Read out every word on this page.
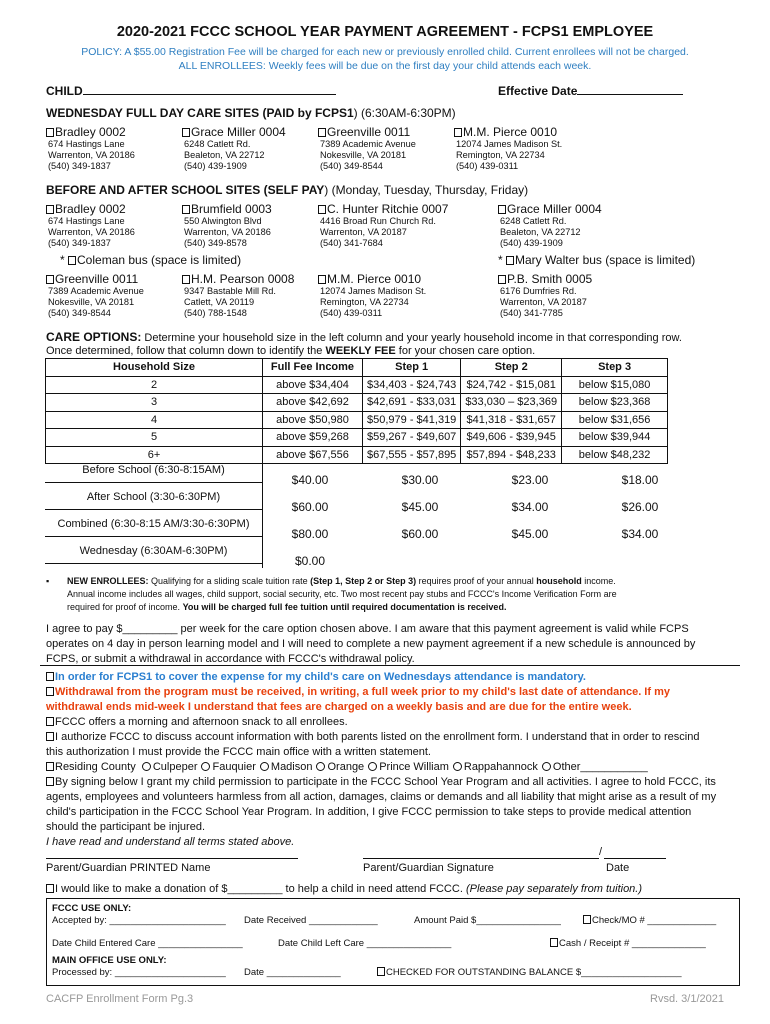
2020-2021 FCCC SCHOOL YEAR PAYMENT AGREEMENT - FCPS1 EMPLOYEE
POLICY: A $55.00 Registration Fee will be charged for each new or previously enrolled child. Current enrollees will not be charged.
ALL ENROLLEES: Weekly fees will be due on the first day your child attends each week.
CHILD	Effective Date
WEDNESDAY FULL DAY CARE SITES (PAID by FCPS1) (6:30AM-6:30PM)
BEFORE AND AFTER SCHOOL SITES (SELF PAY) (Monday, Tuesday, Thursday, Friday)
* Coleman bus (space is limited)	* Mary Walter bus (space is limited)
CARE OPTIONS: Determine your household size in the left column and your yearly household income in that corresponding row.
Once determined, follow that column down to identify the WEEKLY FEE for your chosen care option.
Household Size	Full Fee Income	Step 1	Step 2	Step 3
2	above $34,404	$34,403 - $24,743	$24,742 - $15,081	below $15,080
3	above $42,692	$42,691 - $33,031	$33,030 – $23,369	below $23,368
4	above $50,980	$50,979 - $41,319	$41,318 - $31,657	below $31,656
5	above $59,268	$59,267 - $49,607	$49,606 - $39,945	below $39,944
6+	above $67,556	$67,555 - $57,895	$57,894 - $48,233	below $48,232
Before School (6:30-8:15AM)
$40.00	$30.00	$23.00	$18.00
After School (3:30-6:30PM)
$60.00	$45.00	$34.00	$26.00
Combined (6:30-8:15 AM/3:30-6:30PM)
$80.00	$60.00	$45.00	$34.00
Wednesday (6:30AM-6:30PM)
$0.00
▪ NEW ENROLLEES: Qualifying for a sliding scale tuition rate (Step 1, Step 2 or Step 3) requires proof of your annual household income.
Annual income includes all wages, child support, social security, etc. Two most recent pay stubs and FCCC's Income Verification Form are
required for proof of income. You will be charged full fee tuition until required documentation is received.
I agree to pay $_________ per week for the care option chosen above. I am aware that this payment agreement is valid while FCPS
operates on 4 day in person learning model and I will need to complete a new payment agreement if a new schedule is announced by
FCPS, or submit a withdrawal in accordance with FCCC's withdrawal policy.
In order for FCPS1 to cover the expense for my child's care on Wednesdays attendance is mandatory.
Withdrawal from the program must be received, in writing, a full week prior to my child's last date of attendance. If my
withdrawal ends mid-week I understand that fees are charged on a weekly basis and are due for the entire week.
FCCC offers a morning and afternoon snack to all enrollees.
I authorize FCCC to discuss account information with both parents listed on the enrollment form. I understand that in order to rescind
this authorization I must provide the FCCC main office with a written statement.
Residing County Culpeper Fauquier Madison Orange Prince William Rappahannock Other___________
By signing below I grant my child permission to participate in the FCCC School Year Program and all activities. I agree to hold FCCC, its
agents, employees and volunteers harmless from all action, damages, claims or demands and all liability that might arise as a result of my
child's participation in the FCCC School Year Program. In addition, I give FCCC permission to take steps to provide medical attention
should the participant be injured.
I have read and understand all terms stated above.
Parent/Guardian PRINTED Name
/
Parent/Guardian Signature	Date
I would like to make a donation of $_________ to help a child in need attend FCCC. (Please pay separately from tuition.)
FCCC USE ONLY:
Accepted by: ______________________ Date Received _____________	Amount Paid $________________	Check/MO # _____________
Date Child Entered Care ________________	Date Child Left Care ________________	Cash / Receipt # ______________
MAIN OFFICE USE ONLY:
Processed by: _____________________ Date ______________	CHECKED FOR OUTSTANDING BALANCE $___________________
CACFP Enrollment Form Pg.3	Rvsd. 3/1/2021
Bradley 0002
674 Hastings Lane
Warrenton, VA 20186
(540) 349-1837
Grace Miller 0004
6248 Catlett Rd.
Bealeton, VA 22712
(540) 439-1909
Greenville 0011
7389 Academic Avenue
Nokesville, VA 20181
(540) 349-8544
M.M. Pierce 0010
12074 James Madison St.
Remington, VA 22734
(540) 439-0311
Bradley 0002
674 Hastings Lane
Warrenton, VA 20186
(540) 349-1837
Brumfield 0003
550 Alwington Blvd
Warrenton, VA 20186
(540) 349-8578
C. Hunter Ritchie 0007
4416 Broad Run Church Rd.
Warrenton, VA 20187
(540) 341-7684
Grace Miller 0004
6248 Catlett Rd.
Bealeton, VA 22712
(540) 439-1909
Greenville 0011
7389 Academic Avenue
Nokesville, VA 20181
(540) 349-8544
H.M. Pearson 0008
9347 Bastable Mill Rd.
Catlett, VA 20119
(540) 788-1548
M.M. Pierce 0010
12074 James Madison St.
Remington, VA 22734
(540) 439-0311
P.B. Smith 0005
6176 Dumfries Rd.
Warrenton, VA 20187
(540) 341-7785
